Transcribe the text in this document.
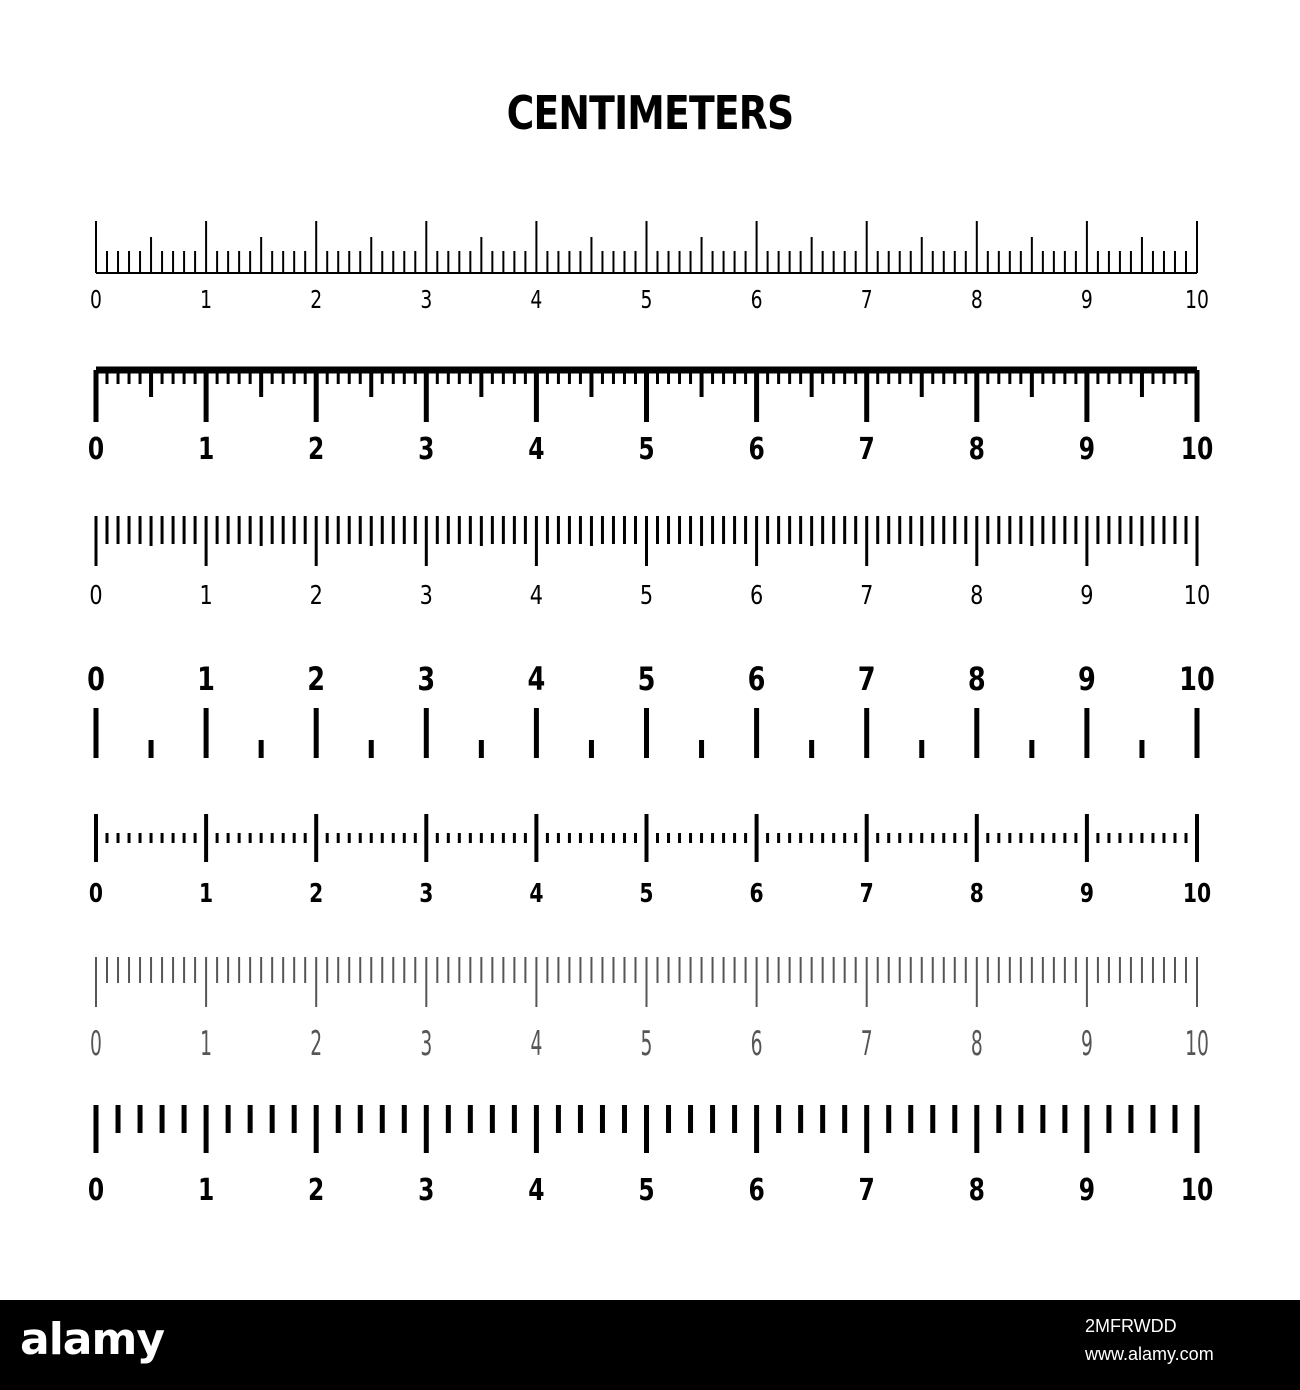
CENTIMETERS
0	1	2	3	4	5	6	7	8	9	10
0	1	2	3	4	5	6	7	8	9	10
0	1	2	3	4	5	6	7	8	9	10
0	1	2	3	4	5	6	7	8	9	10
0	1	2	3	4	5	6	7	8	9	10
0	1	2	3	4	5	6	7	8	9	10
0	1	2	3	4	5	6	7	8	9	10
alamy	2MFRWDD
www.alamy.com
